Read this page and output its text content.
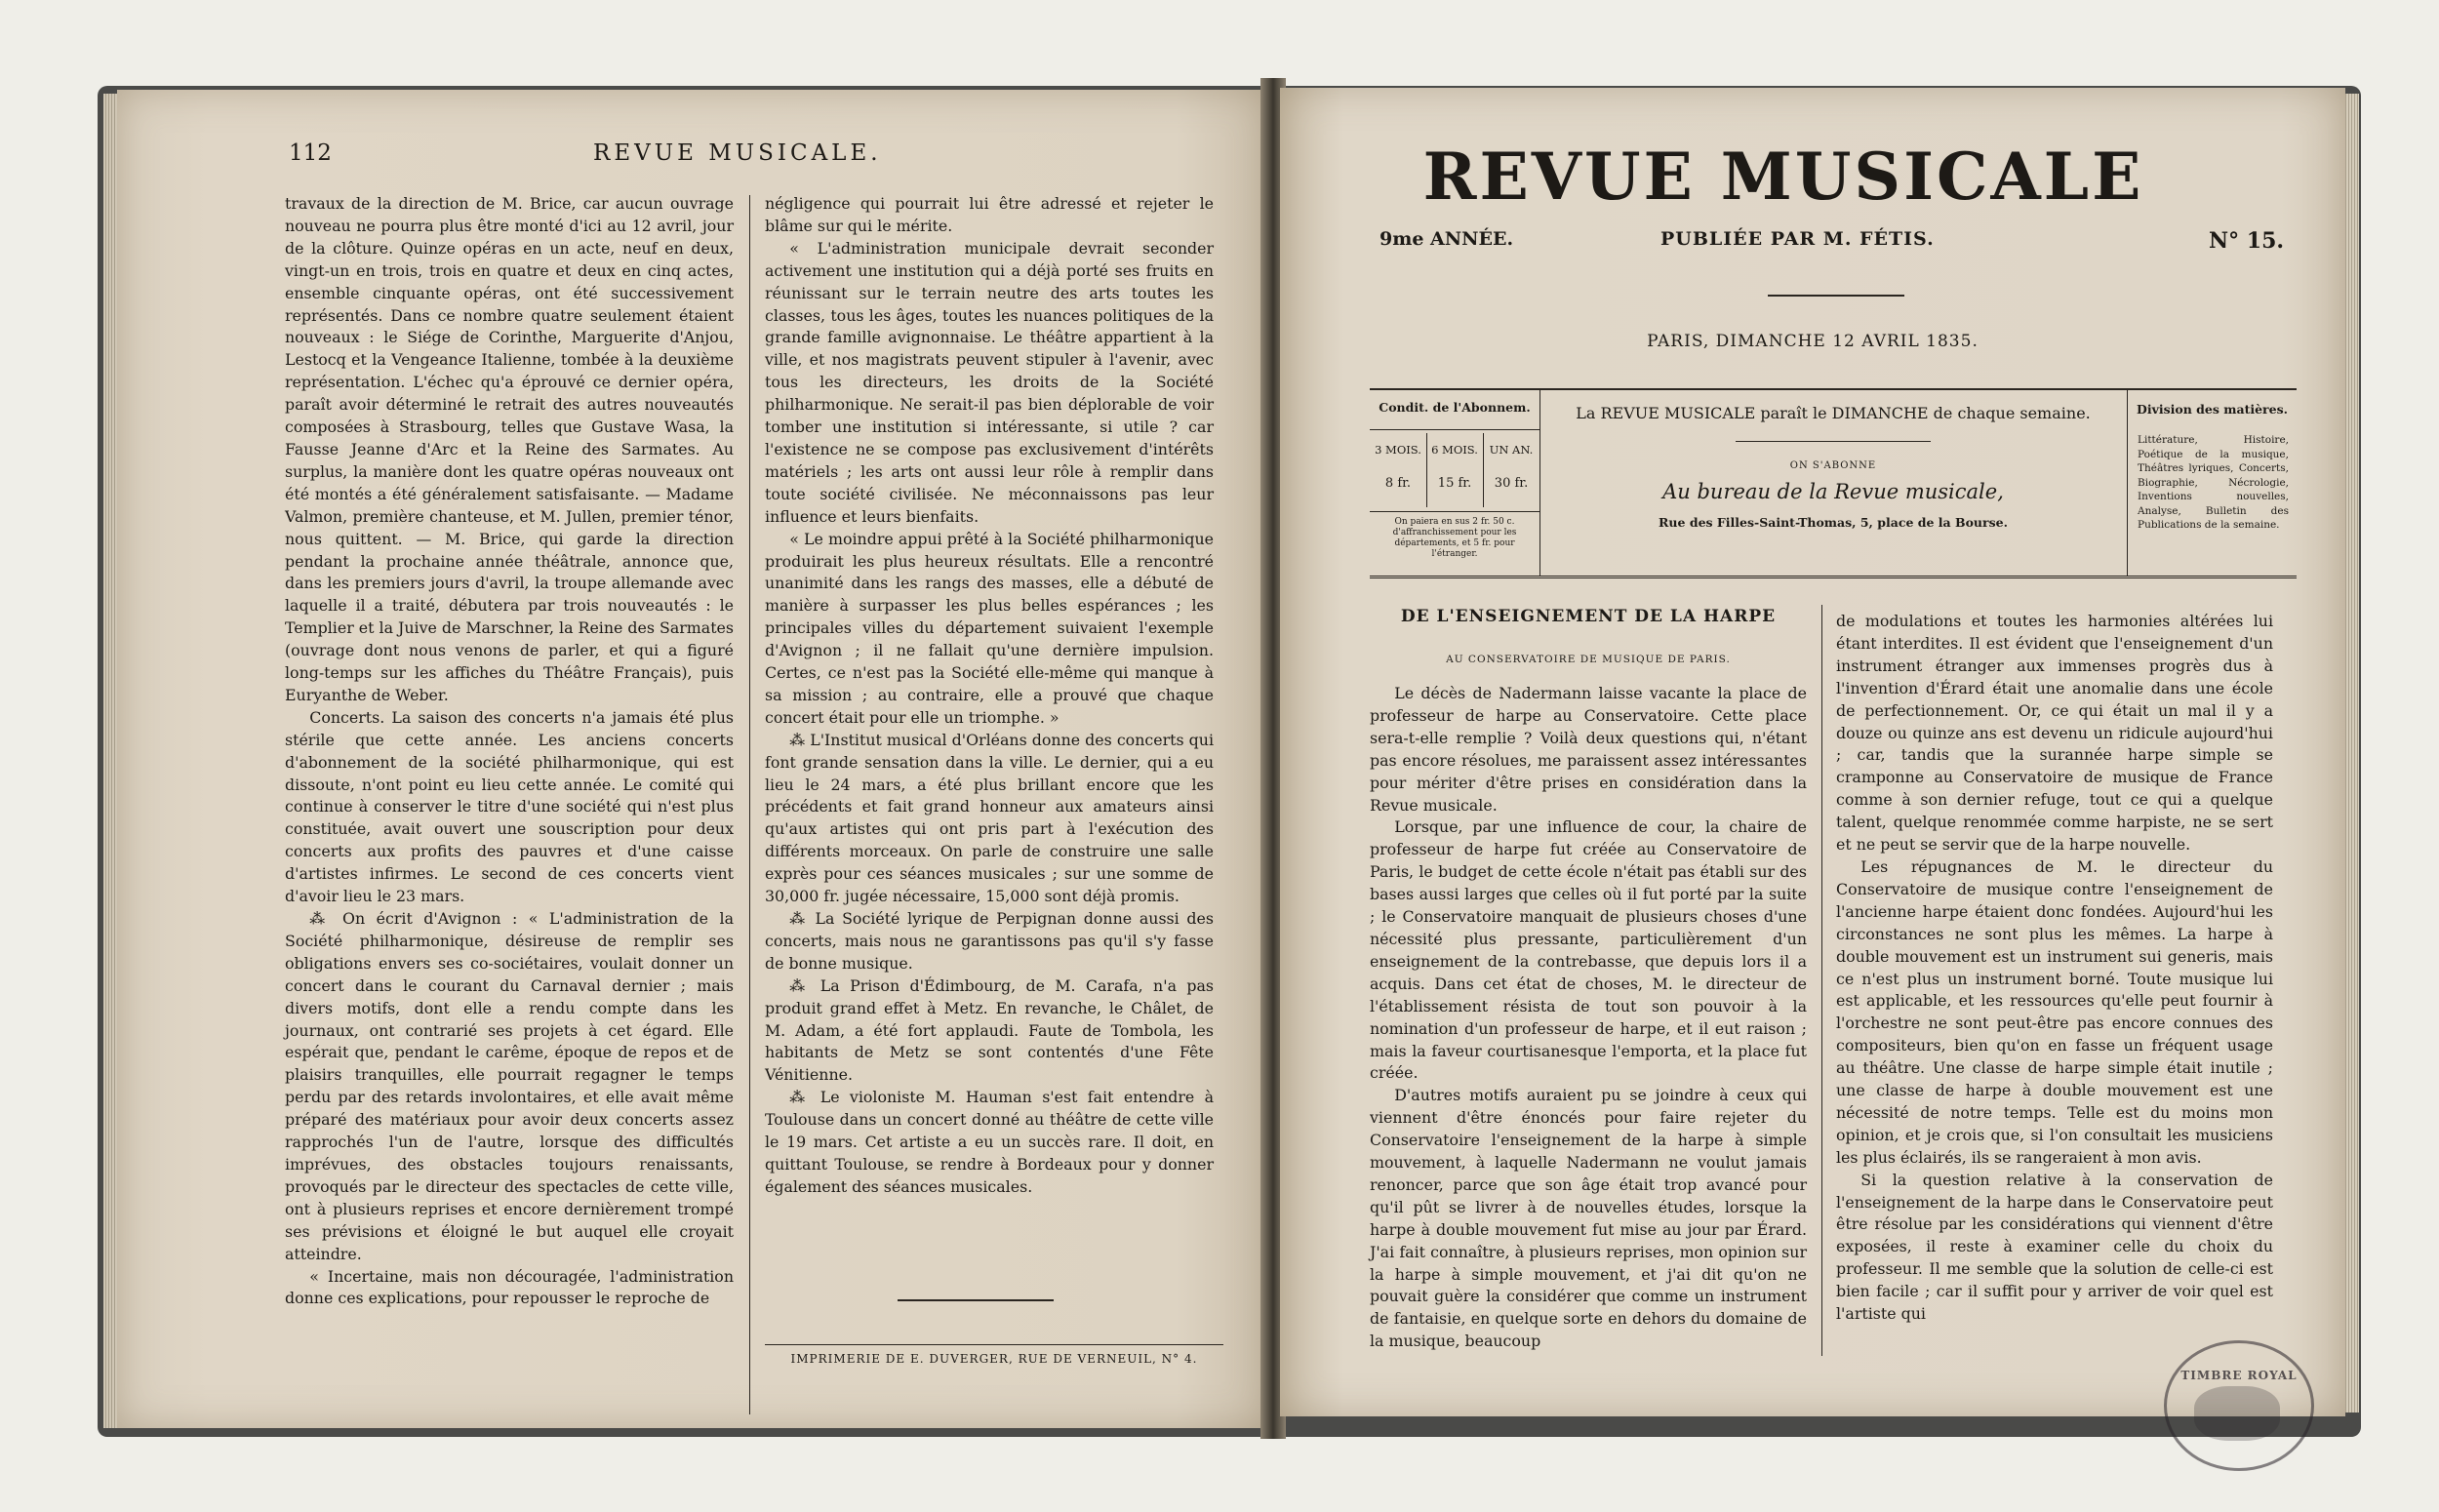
112	REVUE MUSICALE.

travaux de la direction de M. Brice, car aucun ouvrage nouveau ne pourra plus être monté d'ici au 12 avril, jour de la clôture. Quinze opéras en un acte, neuf en deux, vingt-un en trois, trois en quatre et deux en cinq actes, ensemble cinquante opéras, ont été successivement représentés. Dans ce nombre quatre seulement étaient nouveaux : le Siége de Corinthe, Marguerite d'Anjou, Lestocq et la Vengeance Italienne, tombée à la deuxième représentation. L'échec qu'a éprouvé ce dernier opéra, paraît avoir déterminé le retrait des autres nouveautés composées à Strasbourg, telles que Gustave Wasa, la Fausse Jeanne d'Arc et la Reine des Sarmates. Au surplus, la manière dont les quatre opéras nouveaux ont été montés a été généralement satisfaisante. — Madame Valmon, première chanteuse, et M. Jullen, premier ténor, nous quittent. — M. Brice, qui garde la direction pendant la prochaine année théâtrale, annonce que, dans les premiers jours d'avril, la troupe allemande avec laquelle il a traité, débutera par trois nouveautés : le Templier et la Juive de Marschner, la Reine des Sarmates (ouvrage dont nous venons de parler, et qui a figuré long-temps sur les affiches du Théâtre Français), puis Euryanthe de Weber.

Concerts. La saison des concerts n'a jamais été plus stérile que cette année. Les anciens concerts d'abonnement de la société philharmonique, qui est dissoute, n'ont point eu lieu cette année. Le comité qui continue à conserver le titre d'une société qui n'est plus constituée, avait ouvert une souscription pour deux concerts aux profits des pauvres et d'une caisse d'artistes infirmes. Le second de ces concerts vient d'avoir lieu le 23 mars.

⁂ On écrit d'Avignon : « L'administration de la Société philharmonique, désireuse de remplir ses obligations envers ses co-sociétaires, voulait donner un concert dans le courant du Carnaval dernier ; mais divers motifs, dont elle a rendu compte dans les journaux, ont contrarié ses projets à cet égard. Elle espérait que, pendant le carême, époque de repos et de plaisirs tranquilles, elle pourrait regagner le temps perdu par des retards involontaires, et elle avait même préparé des matériaux pour avoir deux concerts assez rapprochés l'un de l'autre, lorsque des difficultés imprévues, des obstacles toujours renaissants, provoqués par le directeur des spectacles de cette ville, ont à plusieurs reprises et encore dernièrement trompé ses prévisions et éloigné le but auquel elle croyait atteindre.

« Incertaine, mais non découragée, l'administration donne ces explications, pour repousser le reproche de

négligence qui pourrait lui être adressé et rejeter le blâme sur qui le mérite.

« L'administration municipale devrait seconder activement une institution qui a déjà porté ses fruits en réunissant sur le terrain neutre des arts toutes les classes, tous les âges, toutes les nuances politiques de la grande famille avignonnaise. Le théâtre appartient à la ville, et nos magistrats peuvent stipuler à l'avenir, avec tous les directeurs, les droits de la Société philharmonique. Ne serait-il pas bien déplorable de voir tomber une institution si intéressante, si utile ? car l'existence ne se compose pas exclusivement d'intérêts matériels ; les arts ont aussi leur rôle à remplir dans toute société civilisée. Ne méconnaissons pas leur influence et leurs bienfaits.

« Le moindre appui prêté à la Société philharmonique produirait les plus heureux résultats. Elle a rencontré unanimité dans les rangs des masses, elle a débuté de manière à surpasser les plus belles espérances ; les principales villes du département suivaient l'exemple d'Avignon ; il ne fallait qu'une dernière impulsion. Certes, ce n'est pas la Société elle-même qui manque à sa mission ; au contraire, elle a prouvé que chaque concert était pour elle un triomphe. »

⁂ L'Institut musical d'Orléans donne des concerts qui font grande sensation dans la ville. Le dernier, qui a eu lieu le 24 mars, a été plus brillant encore que les précédents et fait grand honneur aux amateurs ainsi qu'aux artistes qui ont pris part à l'exécution des différents morceaux. On parle de construire une salle exprès pour ces séances musicales ; sur une somme de 30,000 fr. jugée nécessaire, 15,000 sont déjà promis.

⁂ La Société lyrique de Perpignan donne aussi des concerts, mais nous ne garantissons pas qu'il s'y fasse de bonne musique.

⁂ La Prison d'Édimbourg, de M. Carafa, n'a pas produit grand effet à Metz. En revanche, le Châlet, de M. Adam, a été fort applaudi. Faute de Tombola, les habitants de Metz se sont contentés d'une Fête Vénitienne.

⁂ Le violoniste M. Hauman s'est fait entendre à Toulouse dans un concert donné au théâtre de cette ville le 19 mars. Cet artiste a eu un succès rare. Il doit, en quittant Toulouse, se rendre à Bordeaux pour y donner également des séances musicales.

IMPRIMERIE DE E. DUVERGER, RUE DE VERNEUIL, N° 4.
REVUE MUSICALE
9me ANNÉE.	PUBLIÉE PAR M. FÉTIS.	N° 15.
PARIS, DIMANCHE 12 AVRIL 1835.
Condit. de l'Abonnem.
3 MOIS. 6 MOIS.	UN AN.
8 fr.	15 fr.	30 fr.
On paiera en sus 2 fr. 50 c. d'affranchissement pour les départements, et 5 fr. pour l'étranger.
La REVUE MUSICALE paraît le DIMANCHE de chaque semaine.
ON S'ABONNE
Au bureau de la Revue musicale,
Rue des Filles-Saint-Thomas, 5, place de la Bourse.
Division des matières.
Littérature, Histoire, Poétique de la musique, Théâtres lyriques, Concerts, Biographie, Nécrologie, Inventions nouvelles, Analyse, Bulletin des Publications de la semaine.
DE L'ENSEIGNEMENT DE LA HARPE
AU CONSERVATOIRE DE MUSIQUE DE PARIS.

Le décès de Nadermann laisse vacante la place de professeur de harpe au Conservatoire. Cette place sera-t-elle remplie ? Voilà deux questions qui, n'étant pas encore résolues, me paraissent assez intéressantes pour mériter d'être prises en considération dans la Revue musicale.

Lorsque, par une influence de cour, la chaire de professeur de harpe fut créée au Conservatoire de Paris, le budget de cette école n'était pas établi sur des bases aussi larges que celles où il fut porté par la suite ; le Conservatoire manquait de plusieurs choses d'une nécessité plus pressante, particulièrement d'un enseignement de la contrebasse, que depuis lors il a acquis. Dans cet état de choses, M. le directeur de l'établissement résista de tout son pouvoir à la nomination d'un professeur de harpe, et il eut raison ; mais la faveur courtisanesque l'emporta, et la place fut créée.

D'autres motifs auraient pu se joindre à ceux qui viennent d'être énoncés pour faire rejeter du Conservatoire l'enseignement de la harpe à simple mouvement, à laquelle Nadermann ne voulut jamais renoncer, parce que son âge était trop avancé pour qu'il pût se livrer à de nouvelles études, lorsque la harpe à double mouvement fut mise au jour par Érard. J'ai fait connaître, à plusieurs reprises, mon opinion sur la harpe à simple mouvement, et j'ai dit qu'on ne pouvait guère la considérer que comme un instrument de fantaisie, en quelque sorte en dehors du domaine de la musique, beaucoup

de modulations et toutes les harmonies altérées lui étant interdites. Il est évident que l'enseignement d'un instrument étranger aux immenses progrès dus à l'invention d'Érard était une anomalie dans une école de perfectionnement. Or, ce qui était un mal il y a douze ou quinze ans est devenu un ridicule aujourd'hui ; car, tandis que la surannée harpe simple se cramponne au Conservatoire de musique de France comme à son dernier refuge, tout ce qui a quelque talent, quelque renommée comme harpiste, ne se sert et ne peut se servir que de la harpe nouvelle.

Les répugnances de M. le directeur du Conservatoire de musique contre l'enseignement de l'ancienne harpe étaient donc fondées. Aujourd'hui les circonstances ne sont plus les mêmes. La harpe à double mouvement est un instrument sui generis, mais ce n'est plus un instrument borné. Toute musique lui est applicable, et les ressources qu'elle peut fournir à l'orchestre ne sont peut-être pas encore connues des compositeurs, bien qu'on en fasse un fréquent usage au théâtre. Une classe de harpe simple était inutile ; une classe de harpe à double mouvement est une nécessité de notre temps. Telle est du moins mon opinion, et je crois que, si l'on consultait les musiciens les plus éclairés, ils se rangeraient à mon avis.

Si la question relative à la conservation de l'enseignement de la harpe dans le Conservatoire peut être résolue par les considérations qui viennent d'être exposées, il reste à examiner celle du choix du professeur. Il me semble que la solution de celle-ci est bien facile ; car il suffit pour y arriver de voir quel est l'artiste qui

TIMBRE ROYAL
